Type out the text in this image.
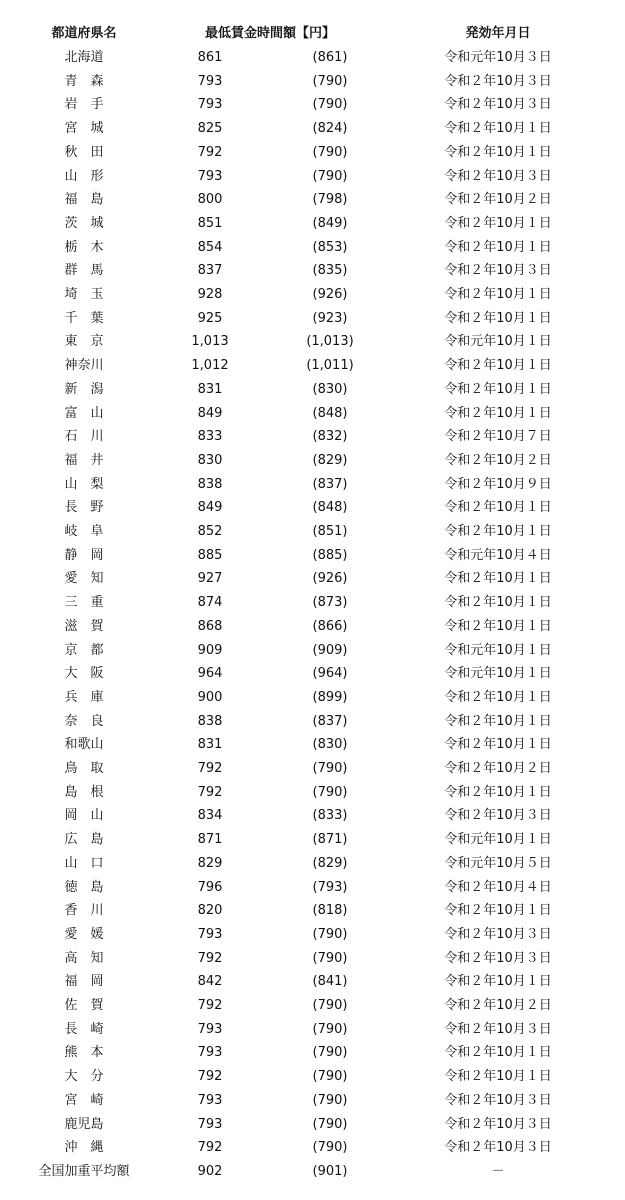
都道府県名	最低賃金時間額【円】	発効年月日
北海道	861	(861)	令和元年10月３日
青　森	793	(790)	令和２年10月３日
岩　手	793	(790)	令和２年10月３日
宮　城	825	(824)	令和２年10月１日
秋　田	792	(790)	令和２年10月１日
山　形	793	(790)	令和２年10月３日
福　島	800	(798)	令和２年10月２日
茨　城	851	(849)	令和２年10月１日
栃　木	854	(853)	令和２年10月１日
群　馬	837	(835)	令和２年10月３日
埼　玉	928	(926)	令和２年10月１日
千　葉	925	(923)	令和２年10月１日
東　京	1,013	(1,013)	令和元年10月１日
神奈川	1,012	(1,011)	令和２年10月１日
新　潟	831	(830)	令和２年10月１日
富　山	849	(848)	令和２年10月１日
石　川	833	(832)	令和２年10月７日
福　井	830	(829)	令和２年10月２日
山　梨	838	(837)	令和２年10月９日
長　野	849	(848)	令和２年10月１日
岐　阜	852	(851)	令和２年10月１日
静　岡	885	(885)	令和元年10月４日
愛　知	927	(926)	令和２年10月１日
三　重	874	(873)	令和２年10月１日
滋　賀	868	(866)	令和２年10月１日
京　都	909	(909)	令和元年10月１日
大　阪	964	(964)	令和元年10月１日
兵　庫	900	(899)	令和２年10月１日
奈　良	838	(837)	令和２年10月１日
和歌山	831	(830)	令和２年10月１日
鳥　取	792	(790)	令和２年10月２日
島　根	792	(790)	令和２年10月１日
岡　山	834	(833)	令和２年10月３日
広　島	871	(871)	令和元年10月１日
山　口	829	(829)	令和元年10月５日
徳　島	796	(793)	令和２年10月４日
香　川	820	(818)	令和２年10月１日
愛　媛	793	(790)	令和２年10月３日
高　知	792	(790)	令和２年10月３日
福　岡	842	(841)	令和２年10月１日
佐　賀	792	(790)	令和２年10月２日
長　崎	793	(790)	令和２年10月３日
熊　本	793	(790)	令和２年10月１日
大　分	792	(790)	令和２年10月１日
宮　崎	793	(790)	令和２年10月３日
鹿児島	793	(790)	令和２年10月３日
沖　縄	792	(790)	令和２年10月３日
全国加重平均額	902	(901)	－
